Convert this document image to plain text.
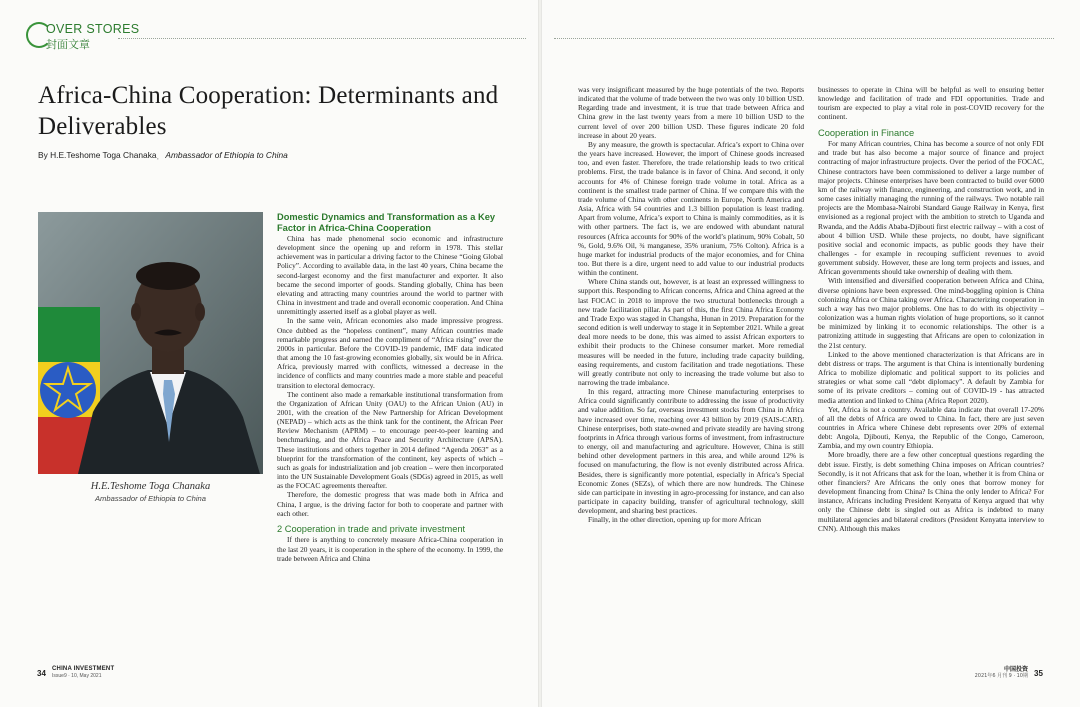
OVER STORES
封面文章
Africa-China Cooperation: Determinants and Deliverables
By H.E.Teshome Toga Chanakaˌ Ambassador of Ethiopia to China
H.E.Teshome Toga Chanaka
Ambassador of Ethiopia to China
Domestic Dynamics and Transformation as a Key Factor in Africa-China Cooperation

China has made phenomenal socio economic and infrastructure development since the opening up and reform in 1978. This stellar achievement was in particular a driving factor to the Chinese “Going Global Policy”. According to available data, in the last 40 years, China became the second-largest economy and the first manufacturer and exporter. It also became the second importer of goods. Standing globally, China has been elevating and attracting many countries around the world to partner with China in investment and trade and overall economic cooperation. And China unremittingly asserted itself as a global player as well.

In the same vein, African economies also made impressive progress. Once dubbed as the “hopeless continent”, many African countries made remarkable progress and earned the compliment of “Africa rising” over the 2000s in particular. Before the COVID-19 pandemic, IMF data indicated that among the 10 fast-growing economies globally, six would be in Africa. Africa, previously marred with conflicts, witnessed a decrease in the incidence of conflicts and many countries made a more stable and peaceful transition to electoral democracy.

The continent also made a remarkable institutional transformation from the Organization of African Unity (OAU) to the African Union (AU) in 2001, with the creation of the New Partnership for African Development (NEPAD) – which acts as the think tank for the continent, the African Peer Review Mechanism (APRM) – to encourage peer-to-peer learning and benchmarking, and the Africa Peace and Security Architecture (APSA). These institutions and others together in 2014 defined “Agenda 2063” as a blueprint for the transformation of the continent, key aspects of which – such as goals for industrialization and job creation – were then incorporated into the UN Sustainable Development Goals (SDGs) agreed in 2015, as well as the FOCAC agreements thereafter.

Therefore, the domestic progress that was made both in Africa and China, I argue, is the driving factor for both to cooperate and partner with each other.

2 Cooperation in trade and private investment

If there is anything to concretely measure Africa-China cooperation in the last 20 years, it is cooperation in the sphere of the economy. In 1999, the trade between Africa and China

was very insignificant measured by the huge potentials of the two. Reports indicated that the volume of trade between the two was only 10 billion USD. Regarding trade and investment, it is true that trade between Africa and China grew in the last twenty years from a mere 10 billion USD to the current level of over 200 billion USD. These figures indicate 20 fold increase in about 20 years.

By any measure, the growth is spectacular. Africa’s export to China over the years have increased. However, the import of Chinese goods increased too, and even faster. Therefore, the trade relationship leads to two critical problems. First, the trade balance is in favor of China. And second, it only accounts for 4% of Chinese foreign trade volume in total. Africa as a continent is the smallest trade partner of China. If we compare this with the trade volume of China with other continents in Europe, North America and Asia, Africa with 54 countries and 1.3 billion population is least trading. Apart from volume, Africa’s export to China is mainly commodities, as it is with other partners. The fact is, we are endowed with abundant natural resources (Africa accounts for 90% of the world’s platinum, 90% Cobalt, 50 %, Gold, 9.6% Oil, ¾ manganese, 35% uranium, 75% Colton). Africa is a huge market for industrial products of the major economies, and for China too. But there is a dire, urgent need to add value to our industrial products within the continent.

Where China stands out, however, is at least an expressed willingness to support this. Responding to African concerns, Africa and China agreed at the last FOCAC in 2018 to improve the two structural bottlenecks through a new trade facilitation pillar. As part of this, the first China Africa Economy and Trade Expo was staged in Changsha, Hunan in 2019. Preparation for the second edition is well underway to stage it in September 2021. While a great deal more needs to be done, this was aimed to assist African exporters to exhibit their products to the Chinese consumer market. More remedial measures will be needed in the future, including trade capacity building, easing requirements, and custom facilitation and trade negotiations. These will greatly contribute not only to increasing the trade volume but also to narrowing the trade imbalance.

In this regard, attracting more Chinese manufacturing enterprises to Africa could significantly contribute to addressing the issue of productivity and value addition. So far, overseas investment stocks from China in Africa have increased over time, reaching over 43 billion by 2019 (SAIS-CARI). Chinese enterprises, both state-owned and private steadily are having strong footprints in Africa through various forms of investment, from infrastructure to energy, oil and manufacturing and agriculture. However, China is still behind other development partners in this area, and while around 12% is focused on manufacturing, the flow is not evenly distributed across Africa. Besides, there is significantly more potential, especially in Africa’s Special Economic Zones (SEZs), of which there are now hundreds. The Chinese side can participate in investing in agro-processing for instance, and can also participate in capacity building, transfer of agricultural technology, skill development, and sharing best practices.

Finally, in the other direction, opening up for more African

businesses to operate in China will be helpful as well to ensuring better knowledge and facilitation of trade and FDI opportunities. Trade and tourism are expected to play a vital role in post-COVID recovery for the continent.

Cooperation in Finance

For many African countries, China has become a source of not only FDI and trade but has also become a major source of finance and project contracting of major infrastructure projects. Over the period of the FOCAC, Chinese contractors have been commissioned to deliver a large number of major projects. Chinese enterprises have been contracted to build over 6000 km of the railway with finance, engineering, and construction work, and in some cases initially managing the running of the railways. Two notable rail projects are the Mombasa-Nairobi Standard Gauge Railway in Kenya, first envisioned as a regional project with the ambition to stretch to Uganda and Rwanda, and the Addis Ababa-Djibouti first electric railway – with a cost of about 4 billion USD. While these projects, no doubt, have significant positive social and economic impacts, as public goods they have their challenges - for example in recouping sufficient revenues to avoid government subsidy. However, these are long term projects and issues, and African governments should take ownership of dealing with them.

With intensified and diversified cooperation between Africa and China, diverse opinions have been expressed. One mind-boggling opinion is China colonizing Africa or China taking over Africa. Characterizing cooperation in such a way has two major problems. One has to do with its objectivity – colonization was a human rights violation of huge proportions, so it cannot be minimized by linking it to economic relationships. The other is a patronizing attitude in suggesting that Africans are open to colonization in the 21st century.

Linked to the above mentioned characterization is that Africans are in debt distress or traps. The argument is that China is intentionally burdening Africa to mobilize diplomatic and political support to its policies and strategies or what some call “debt diplomacy”. A default by Zambia for some of its private creditors – coming out of COVID-19 - has attracted media attention and linked to China (Africa Report 2020).

Yet, Africa is not a country. Available data indicate that overall 17-20% of all the debts of Africa are owed to China. In fact, there are just seven countries in Africa where Chinese debt represents over 20% of external debt: Angola, Djibouti, Kenya, the Republic of the Congo, Cameroon, Zambia, and my own country Ethiopia.

More broadly, there are a few other conceptual questions regarding the debt issue. Firstly, is debt something China imposes on African countries? Secondly, is it not Africans that ask for the loan, whether it is from China or other financiers? Are Africans the only ones that borrow money for development financing from China? Is China the only lender to Africa? For instance, Africans including President Kenyatta of Kenya argued that why only the Chinese debt is singled out as Africa is indebted to many multilateral agencies and bilateral creditors (President Kenyatta interview to CNN). Although this makes

34 CHINA INVESTMENT
Issue9 · 10, May 2021
中国投资
2021年6 月刊 9 · 10期 35
